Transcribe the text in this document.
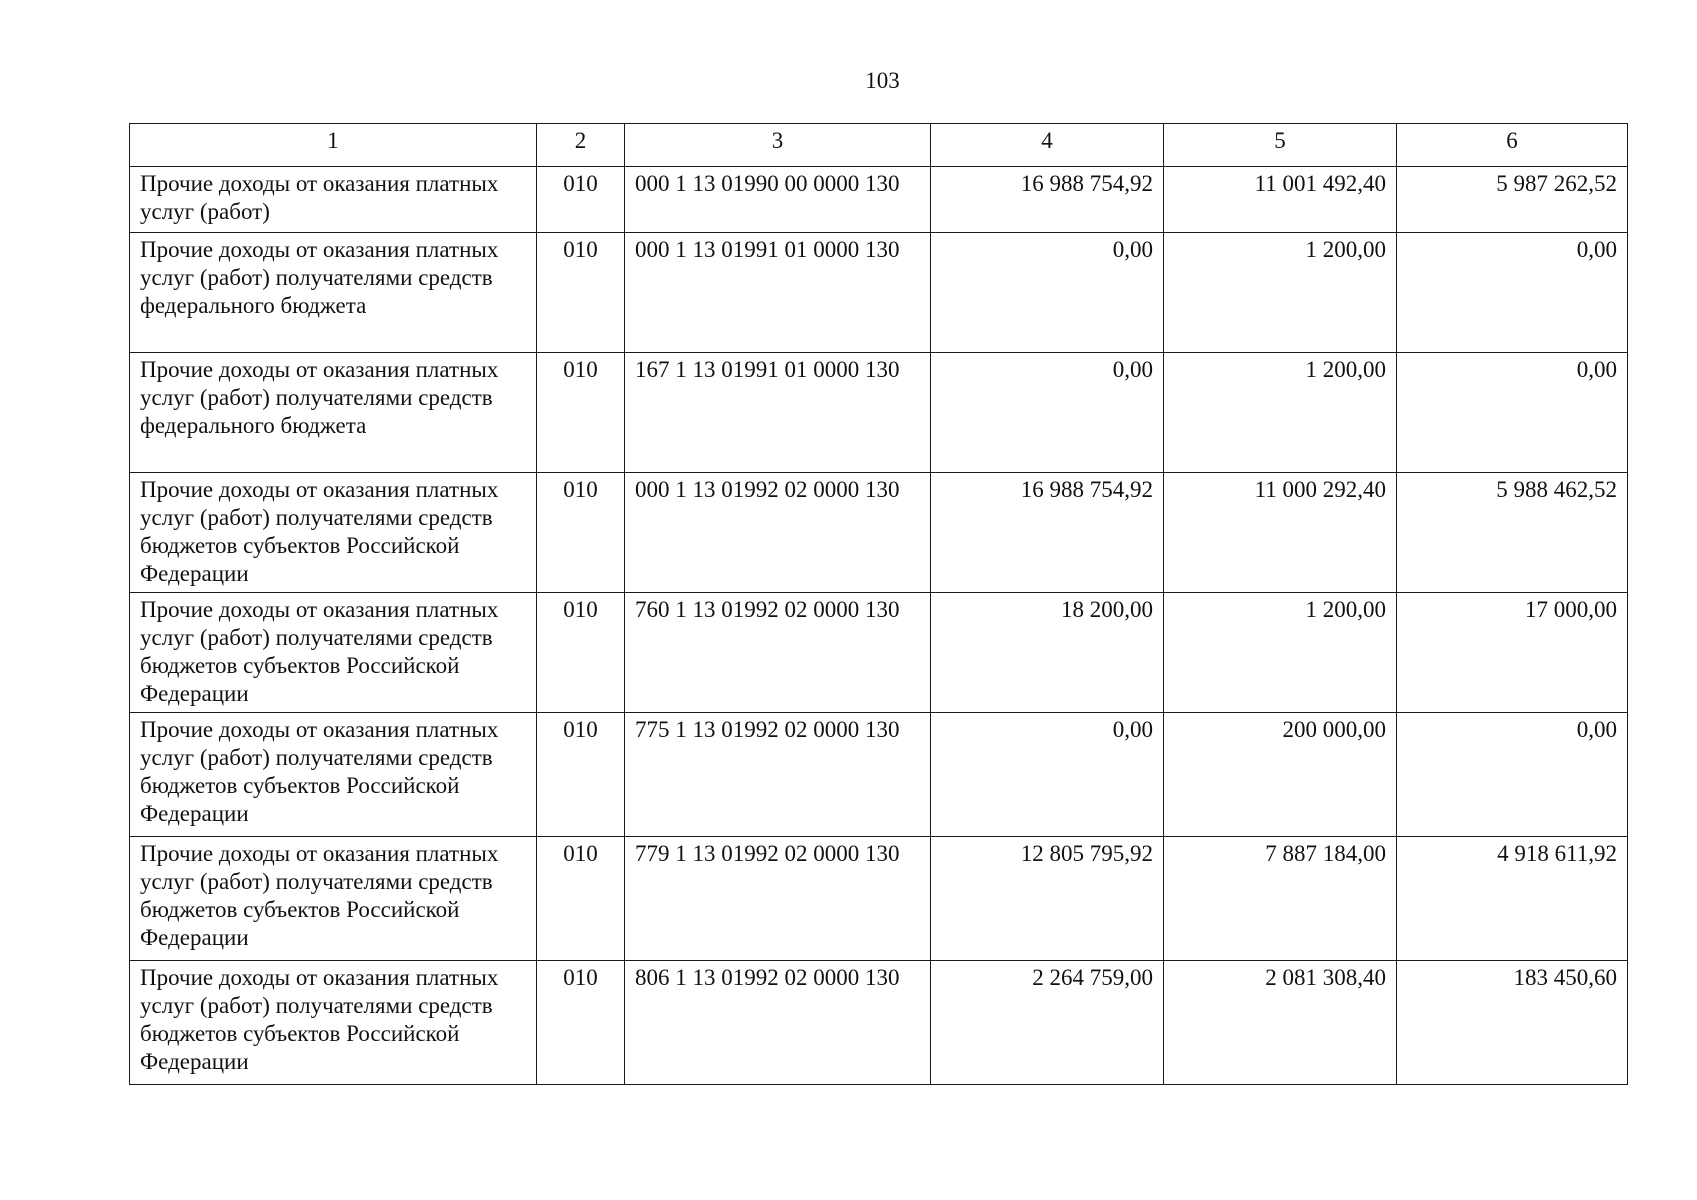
103
1	2	3	4	5	6
Прочие доходы от оказания платных услуг (работ)	010	000 1 13 01990 00 0000 130	16 988 754,92	11 001 492,40	5 987 262,52
Прочие доходы от оказания платных услуг (работ) получателями средств федерального бюджета	010	000 1 13 01991 01 0000 130	0,00	1 200,00	0,00
Прочие доходы от оказания платных услуг (работ) получателями средств федерального бюджета	010	167 1 13 01991 01 0000 130	0,00	1 200,00	0,00
Прочие доходы от оказания платных услуг (работ) получателями средств бюджетов субъектов Российской Федерации	010	000 1 13 01992 02 0000 130	16 988 754,92	11 000 292,40	5 988 462,52
Прочие доходы от оказания платных услуг (работ) получателями средств бюджетов субъектов Российской Федерации	010	760 1 13 01992 02 0000 130	18 200,00	1 200,00	17 000,00
Прочие доходы от оказания платных услуг (работ) получателями средств бюджетов субъектов Российской Федерации	010	775 1 13 01992 02 0000 130	0,00	200 000,00	0,00
Прочие доходы от оказания платных услуг (работ) получателями средств бюджетов субъектов Российской Федерации	010	779 1 13 01992 02 0000 130	12 805 795,92	7 887 184,00	4 918 611,92
Прочие доходы от оказания платных услуг (работ) получателями средств бюджетов субъектов Российской Федерации	010	806 1 13 01992 02 0000 130	2 264 759,00	2 081 308,40	183 450,60
